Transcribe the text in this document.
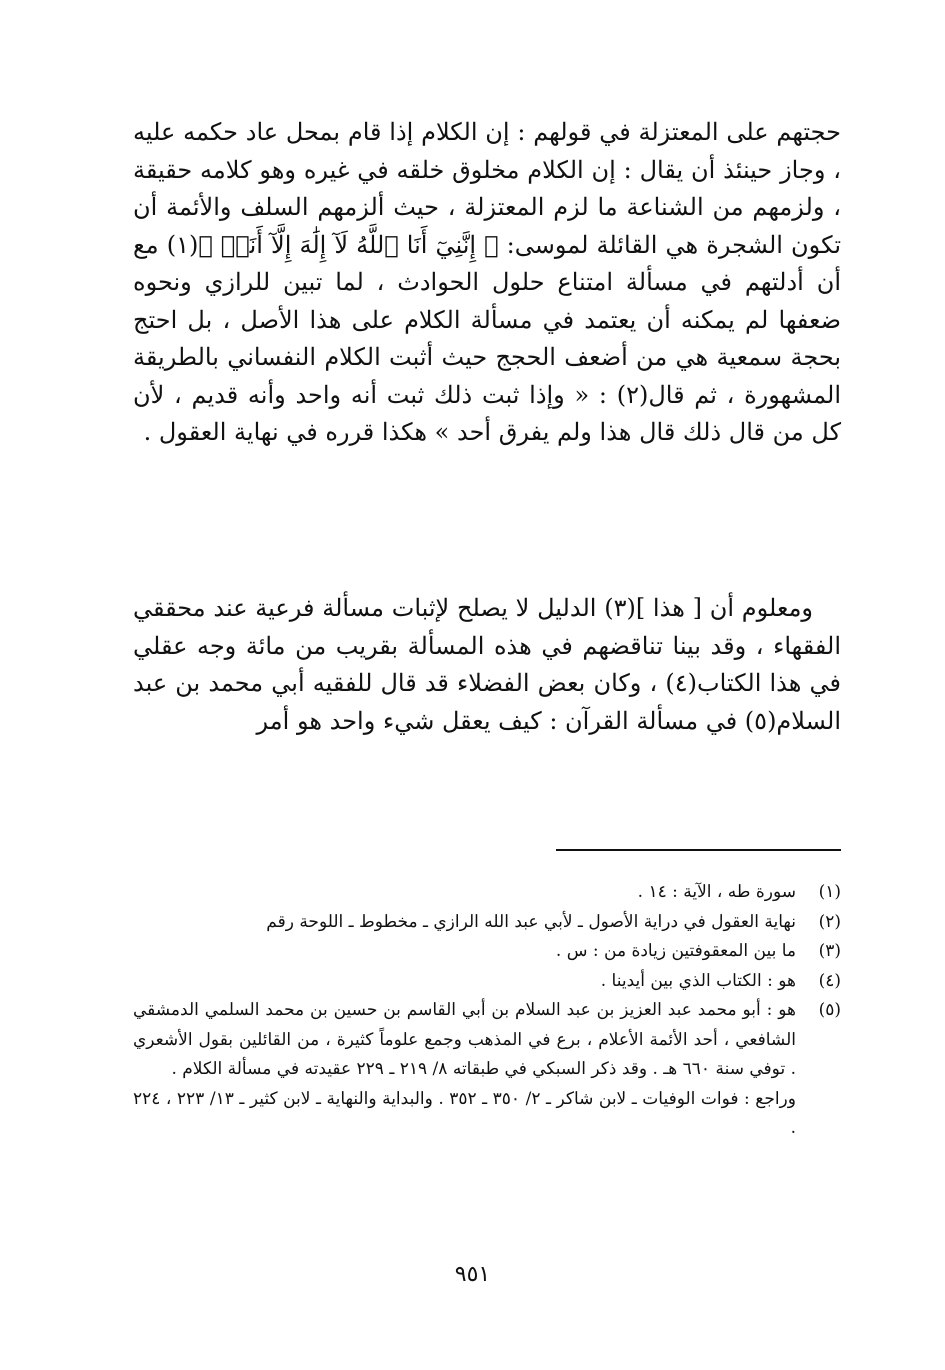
حجتهم على المعتزلة في قولهم : إن الكلام إذا قام بمحل عاد حكمه عليه ، وجاز حينئذ أن يقال : إن الكلام مخلوق خلقه في غيره وهو كلامه حقيقة ، ولزمهم من الشناعة ما لزم المعتزلة ، حيث ألزمهم السلف والأئمة أن تكون الشجرة هي القائلة لموسى: ﴿ إِنَّنِيٓ أَنَا ٱللَّهُ لَآ إِلَٰهَ إِلَّآ أَنَا۠ ﴾(١) مع أن أدلتهم في مسألة امتناع حلول الحوادث ، لما تبين للرازي ونحوه ضعفها لم يمكنه أن يعتمد في مسألة الكلام على هذا الأصل ، بل احتج بحجة سمعية هي من أضعف الحجج حيث أثبت الكلام النفساني بالطريقة المشهورة ، ثم قال(٢) : « وإذا ثبت ذلك ثبت أنه واحد وأنه قديم ، لأن كل من قال ذلك قال هذا ولم يفرق أحد » هكذا قرره في نهاية العقول .

ومعلوم أن [ هذا ](٣) الدليل لا يصلح لإثبات مسألة فرعية عند محققي الفقهاء ، وقد بينا تناقضهم في هذه المسألة بقريب من مائة وجه عقلي في هذا الكتاب(٤) ، وكان بعض الفضلاء قد قال للفقيه أبي محمد بن عبد السلام(٥) في مسألة القرآن : كيف يعقل شيء واحد هو أمر

(١)
سورة طه ، الآية : ١٤ .
(٢)
نهاية العقول في دراية الأصول ـ لأبي عبد الله الرازي ـ مخطوط ـ اللوحة رقم
(٣)
ما بين المعقوفتين زيادة من : س .
(٤)
هو : الكتاب الذي بين أيدينا .
(٥)
هو : أبو محمد عبد العزيز بن عبد السلام بن أبي القاسم بن حسين بن محمد السلمي الدمشقي الشافعي ، أحد الأئمة الأعلام ، برع في المذهب وجمع علوماً كثيرة ، من القائلين بقول الأشعري . توفي سنة ٦٦٠ هـ . وقد ذكر السبكي في طبقاته ٨/ ٢١٩ ـ ٢٢٩ عقيدته في مسألة الكلام .
وراجع : فوات الوفيات ـ لابن شاكر ـ ٢/ ٣٥٠ ـ ٣٥٢ . والبداية والنهاية ـ لابن كثير ـ ١٣/ ٢٢٣ ، ٢٢٤ .
٩٥١
